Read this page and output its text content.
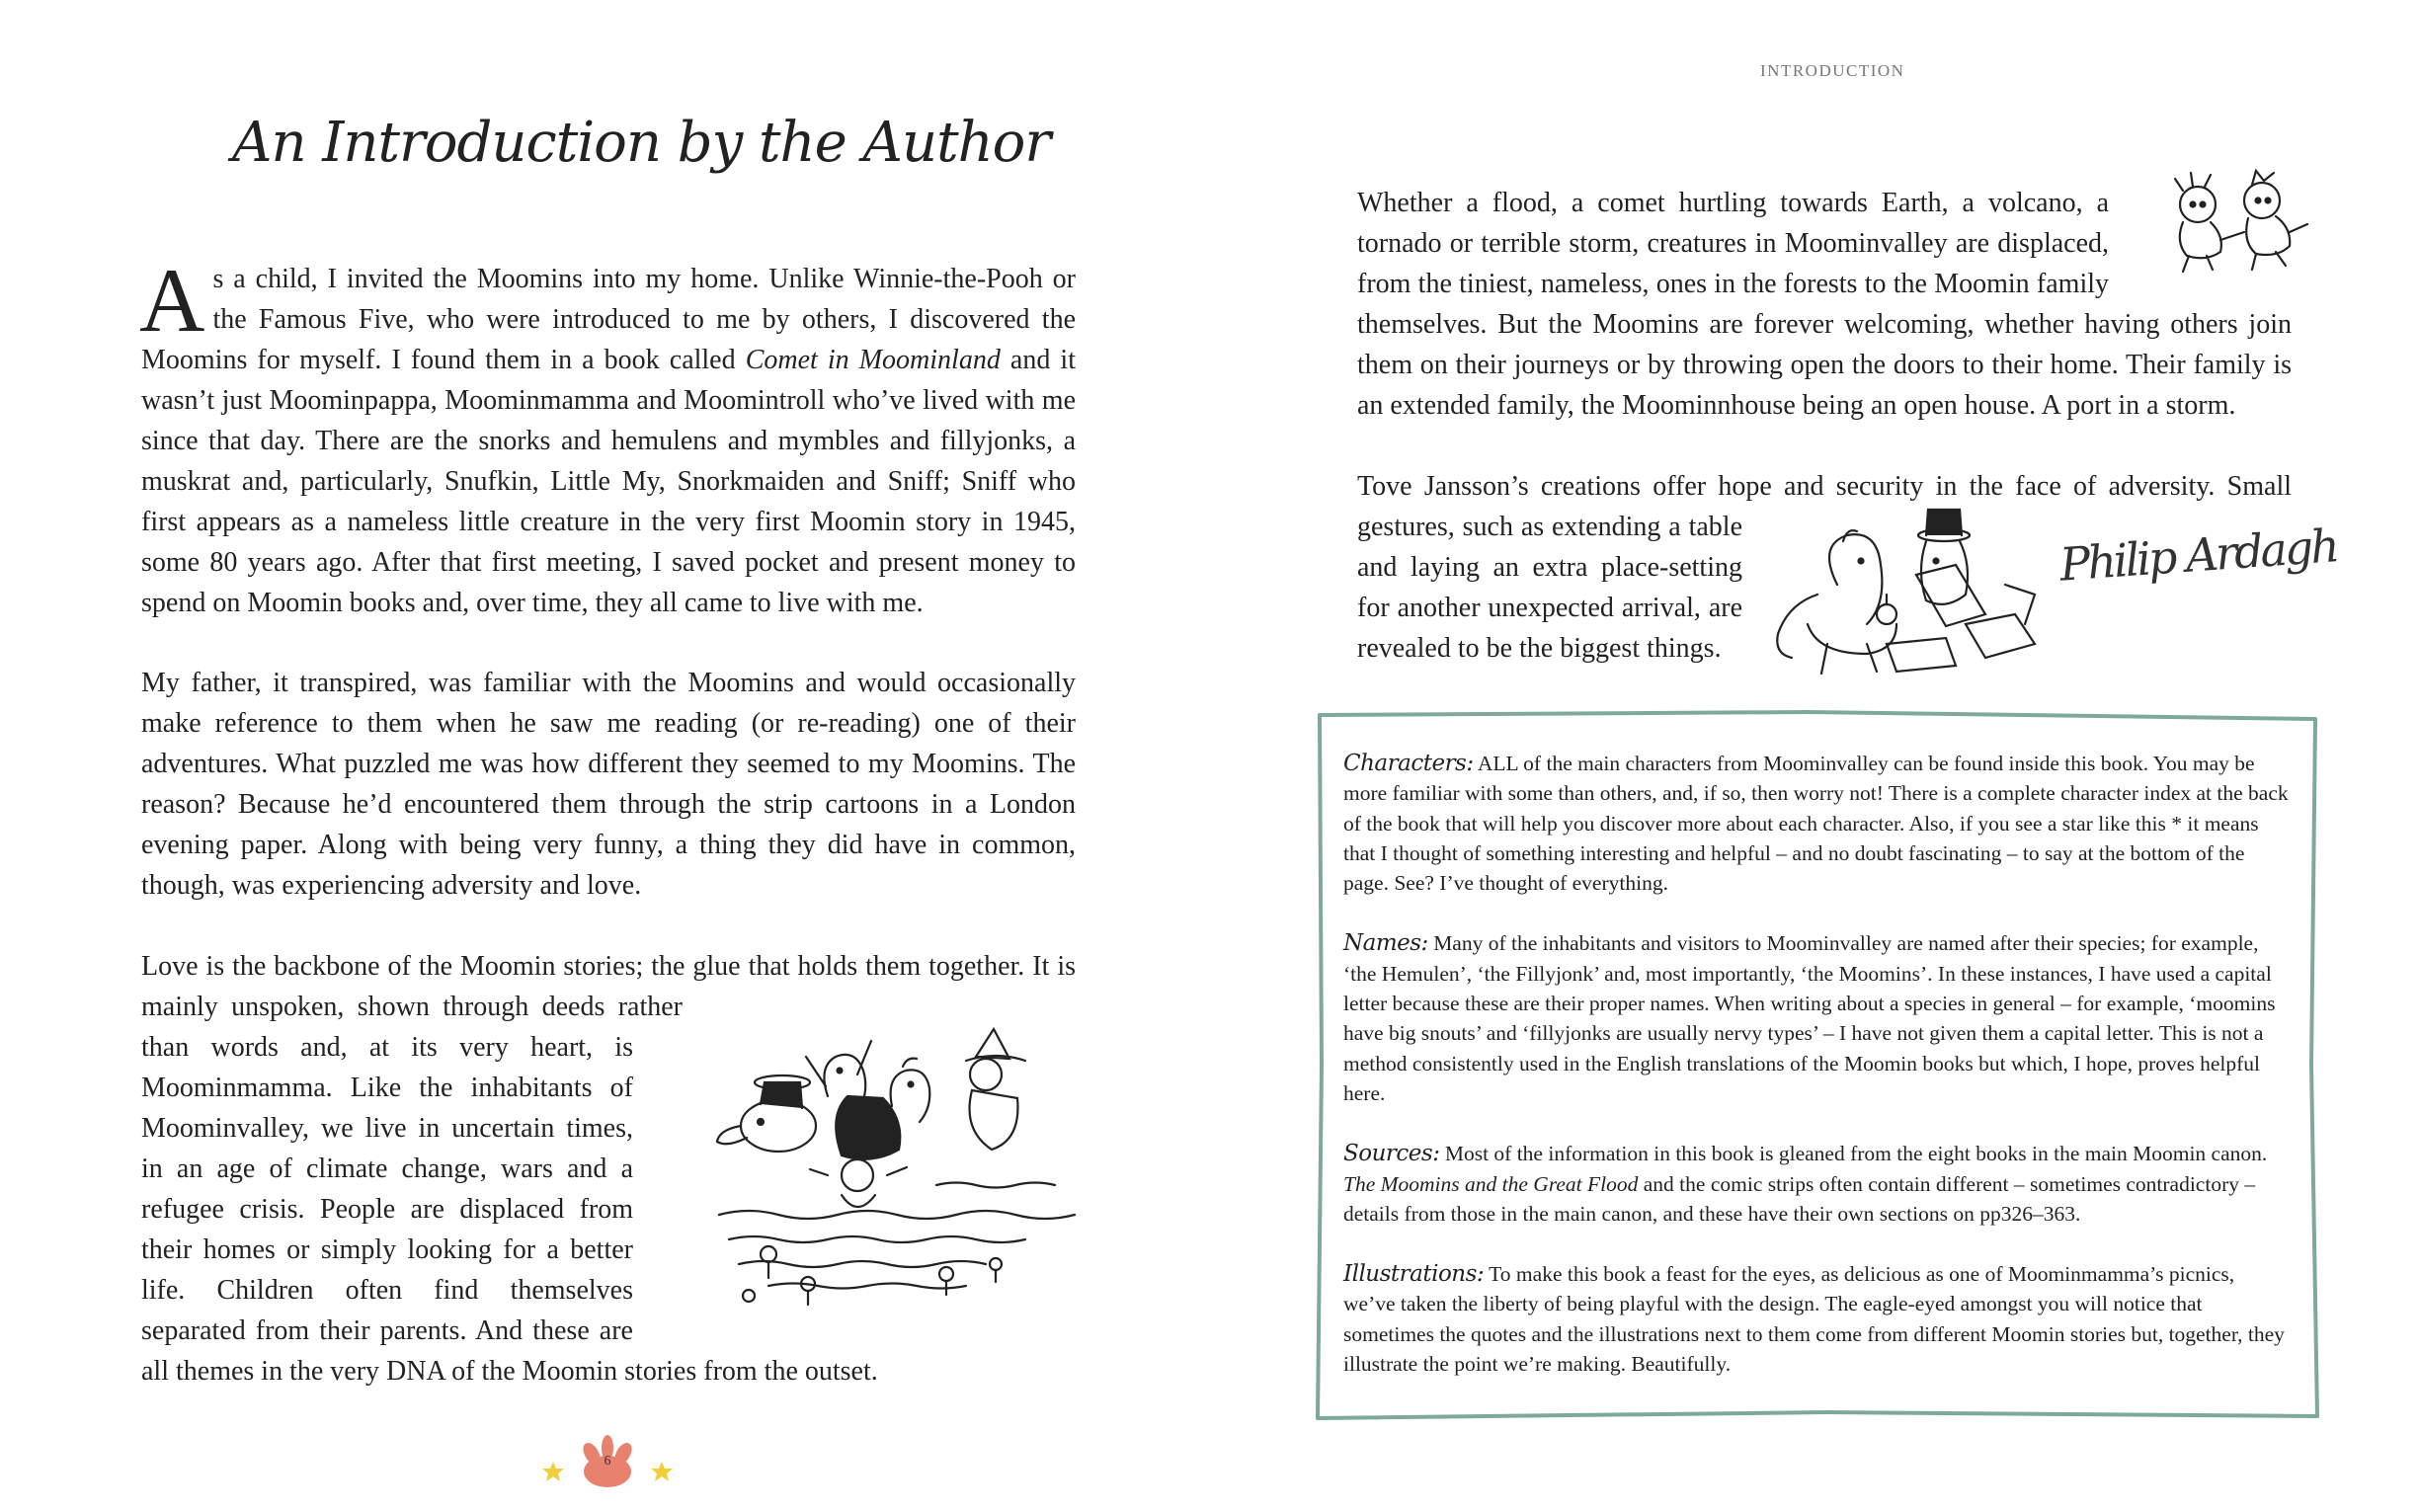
An Introduction by the Author
As a child, I invited the Moomins into my home. Unlike Winnie-the-Pooh or the Famous Five, who were introduced to me by others, I discovered the Moomins for myself. I found them in a book called Comet in Moominland and it wasn’t just Moominpappa, Moominmamma and Moomintroll who’ve lived with me since that day. There are the snorks and hemulens and mymbles and fillyjonks, a muskrat and, particularly, Snufkin, Little My, Snorkmaiden and Sniff; Sniff who first appears as a nameless little creature in the very first Moomin story in 1945, some 80 years ago. After that first meeting, I saved pocket and present money to spend on Moomin books and, over time, they all came to live with me.
My father, it transpired, was familiar with the Moomins and would occasionally make reference to them when he saw me reading (or re-reading) one of their adventures. What puzzled me was how different they seemed to my Moomins. The reason? Because he’d encountered them through the strip cartoons in a London evening paper. Along with being very funny, a thing they did have in common, though, was experiencing adversity and love.
Love is the backbone of the Moomin stories; the glue that holds them together. It is mainly unspoken, shown through deeds rather than words and, at its very heart, is Moominmamma. Like the inhabitants of Moominvalley, we live in uncertain times, in an age of climate change, wars and a refugee crisis. People are displaced from their homes or simply looking for a better life. Children often find themselves separated from their parents. And these are all themes in the very DNA of the Moomin stories from the outset.
6
INTRODUCTION
Whether a flood, a comet hurtling towards Earth, a volcano, a tornado or terrible storm, creatures in Moominvalley are displaced, from the tiniest, nameless, ones in the forests to the Moomin family themselves. But the Moomins are forever welcoming, whether having others join them on their journeys or by throwing open the doors to their home. Their family is an extended family, the Moominnhouse being an open house. A port in a storm.
Tove Jansson’s creations offer hope and security in the face of adversity. Small gestures, such as extending a table and laying an extra place-setting for another unexpected arrival, are revealed to be the biggest things.
Philip Ardagh

Characters: ALL of the main characters from Moominvalley can be found inside this book. You may be more familiar with some than others, and, if so, then worry not! There is a complete character index at the back of the book that will help you discover more about each character. Also, if you see a star like this * it means that I thought of something interesting and helpful – and no doubt fascinating – to say at the bottom of the page. See? I’ve thought of everything.

Names: Many of the inhabitants and visitors to Moominvalley are named after their species; for example, ‘the Hemulen’, ‘the Fillyjonk’ and, most importantly, ‘the Moomins’. In these instances, I have used a capital letter because these are their proper names. When writing about a species in general – for example, ‘moomins have big snouts’ and ‘fillyjonks are usually nervy types’ – I have not given them a capital letter. This is not a method consistently used in the English translations of the Moomin books but which, I hope, proves helpful here.

Sources: Most of the information in this book is gleaned from the eight books in the main Moomin canon. The Moomins and the Great Flood and the comic strips often contain different – sometimes contradictory – details from those in the main canon, and these have their own sections on pp326–363.

Illustrations: To make this book a feast for the eyes, as delicious as one of Moominmamma’s picnics, we’ve taken the liberty of being playful with the design. The eagle-eyed amongst you will notice that sometimes the quotes and the illustrations next to them come from different Moomin stories but, together, they illustrate the point we’re making. Beautifully.
